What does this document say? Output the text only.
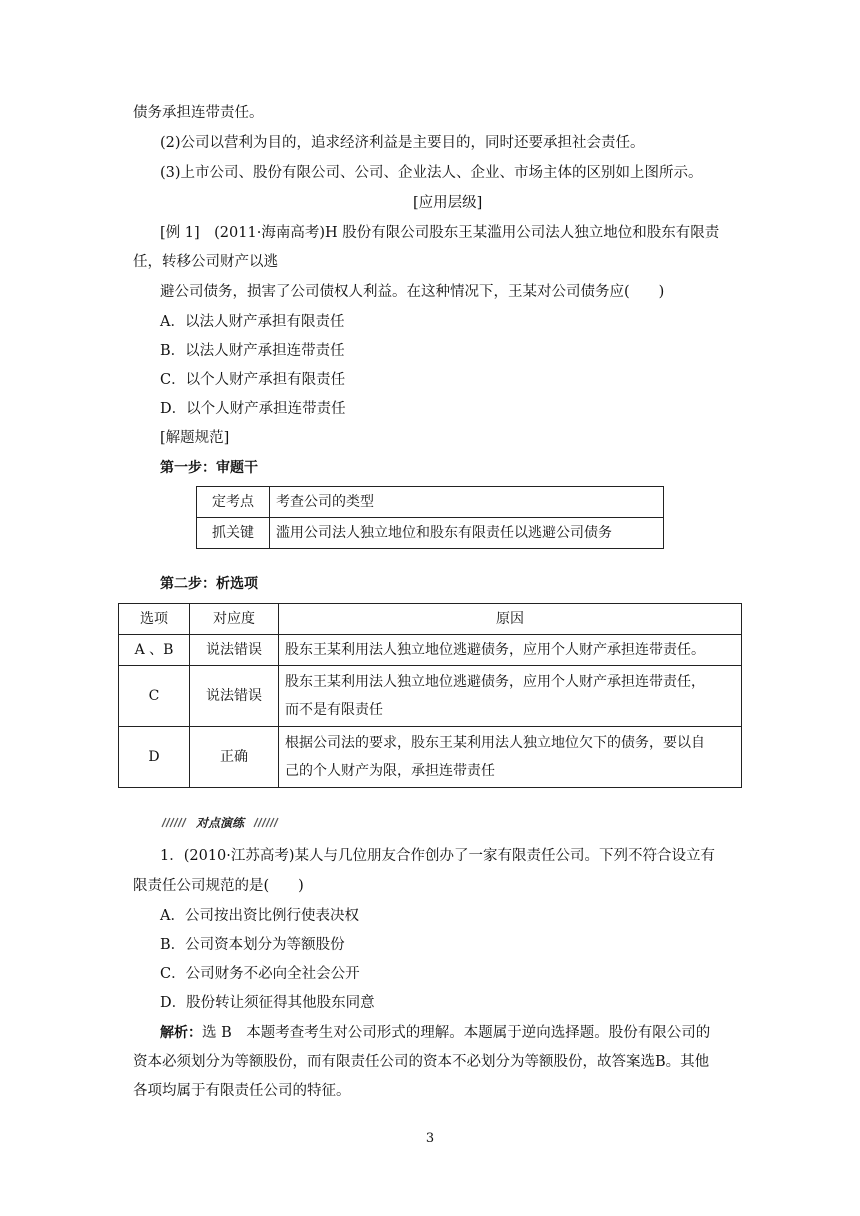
债务承担连带责任。
(2)公司以营利为目的，追求经济利益是主要目的，同时还要承担社会责任。
(3)上市公司、股份有限公司、公司、企业法人、企业、市场主体的区别如上图所示。
[应用层级]
[例 1]　(2011·海南高考)H 股份有限公司股东王某滥用公司法人独立地位和股东有限责
任，转移公司财产以逃
避公司债务，损害了公司债权人利益。在这种情况下，王某对公司债务应(　　)
A．以法人财产承担有限责任
B．以法人财产承担连带责任
C．以个人财产承担有限责任
D．以个人财产承担连带责任
[解题规范]
第一步：审题干
定考点	考查公司的类型
抓关键	滥用公司法人独立地位和股东有限责任以逃避公司债务
第二步：析选项
选项	对应度	原因
A 、B	说法错误	股东王某利用法人独立地位逃避债务，应用个人财产承担连带责任。
C	说法错误	股东王某利用法人独立地位逃避债务，应用个人财产承担连带责任，
而不是有限责任

D	正确	根据公司法的要求，股东王某利用法人独立地位欠下的债务，要以自
己的个人财产为限，承担连带责任
对点演练
1．(2010·江苏高考)某人与几位朋友合作创办了一家有限责任公司。下列不符合设立有
限责任公司规范的是(　　)
A．公司按出资比例行使表决权
B．公司资本划分为等额股份
C．公司财务不必向全社会公开
D．股份转让须征得其他股东同意
解析：选 B　本题考查考生对公司形式的理解。本题属于逆向选择题。股份有限公司的
资本必须划分为等额股份，而有限责任公司的资本不必划分为等额股份，故答案选B。其他
各项均属于有限责任公司的特征。
3
